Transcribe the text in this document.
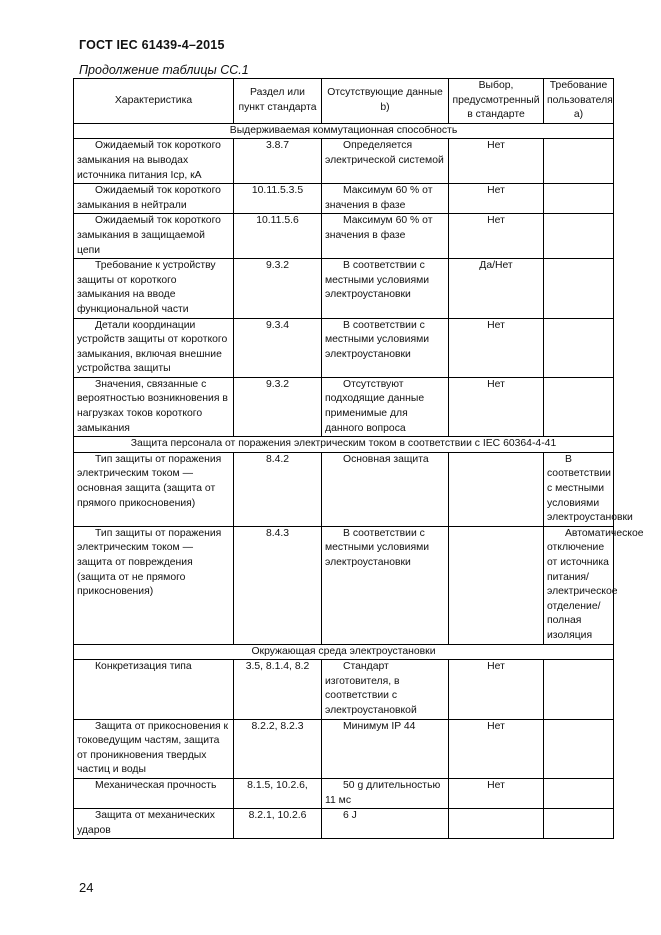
ГОСТ IEC 61439-4–2015
Продолжение таблицы СС.1
Характеристика	Раздел или пункт стандарта	Отсутствующие данные b)	Выбор, предусмотренный в стандарте	Требование пользователя a)
Выдерживаемая коммутационная способность				

Ожидаемый ток короткого замыкания на выводах источника питания Icp, кА	3.8.7	Определяется электрической системой	Нет	

Ожидаемый ток короткого замыкания в нейтрали	10.11.5.3.5	Максимум 60 % от значения в фазе	Нет	

Ожидаемый ток короткого замыкания в защищаемой цепи	10.11.5.6	Максимум 60 % от значения в фазе	Нет	

Требование к устройству защиты от короткого замыкания на вводе функциональной части	9.3.2	В соответствии с местными условиями электроустановки	Да/Нет	

Детали координации устройств защиты от короткого замыкания, включая внешние устройства защиты	9.3.4	В соответствии с местными условиями электроустановки	Нет	

Значения, связанные с вероятностью возникновения в нагрузках токов короткого замыкания	9.3.2	Отсутствуют подходящие данные применимые для данного вопроса	Нет	

Защита персонала от поражения электрическим током в соответствии с IEC 60364-4-41				

Тип защиты от поражения электрическим током — основная защита (защита от прямого прикосновения)	8.4.2	Основная защита		В соответствии с местными условиями электроустановки

Тип защиты от поражения электрическим током — защита от повреждения (защита от не прямого прикосновения)	8.4.3	В соответствии с местными условиями электроустановки		Автоматическое отключение от источника питания/ электрическое отделение/ полная изоляция

Окружающая среда электроустановки				

Конкретизация типа	3.5, 8.1.4, 8.2	Стандарт изготовителя, в соответствии с электроустановкой	Нет	

Защита от прикосновения к токоведущим частям, защита от проникновения твердых частиц и воды	8.2.2, 8.2.3	Минимум IP 44	Нет	

Механическая прочность	8.1.5, 10.2.6,	50 g длительностью 11 мс	Нет	

Защита от механических ударов	8.2.1, 10.2.6	6 J		

24
